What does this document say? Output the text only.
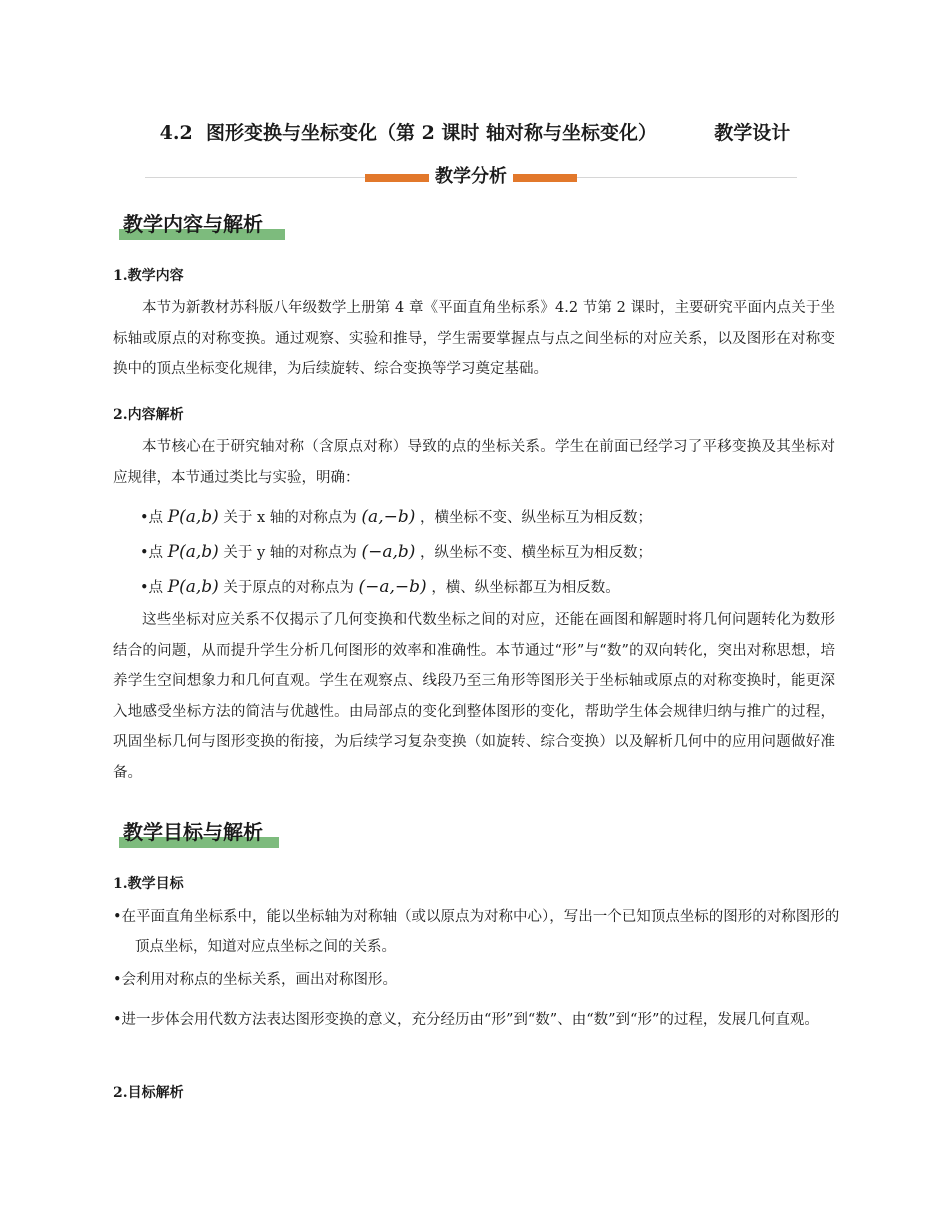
4.2 图形变换与坐标变化（第 2 课时 轴对称与坐标变化）	教学设计
教学分析
教学内容与解析
1.教学内容
本节为新教材苏科版八年级数学上册第 4 章《平面直角坐标系》4.2 节第 2 课时，主要研究平面内点关于坐标轴或原点的对称变换。通过观察、实验和推导，学生需要掌握点与点之间坐标的对应关系，以及图形在对称变换中的顶点坐标变化规律，为后续旋转、综合变换等学习奠定基础。
2.内容解析
本节核心在于研究轴对称（含原点对称）导致的点的坐标关系。学生在前面已经学习了平移变换及其坐标对应规律，本节通过类比与实验，明确：
•点 P(a,b) 关于 x 轴的对称点为 (a,−b) ，横坐标不变、纵坐标互为相反数；
•点 P(a,b) 关于 y 轴的对称点为 (−a,b) ，纵坐标不变、横坐标互为相反数；
•点 P(a,b) 关于原点的对称点为 (−a,−b) ，横、纵坐标都互为相反数。
这些坐标对应关系不仅揭示了几何变换和代数坐标之间的对应，还能在画图和解题时将几何问题转化为数形结合的问题，从而提升学生分析几何图形的效率和准确性。本节通过“形”与“数”的双向转化，突出对称思想，培养学生空间想象力和几何直观。学生在观察点、线段乃至三角形等图形关于坐标轴或原点的对称变换时，能更深入地感受坐标方法的简洁与优越性。由局部点的变化到整体图形的变化，帮助学生体会规律归纳与推广的过程，巩固坐标几何与图形变换的衔接，为后续学习复杂变换（如旋转、综合变换）以及解析几何中的应用问题做好准备。
教学目标与解析
1.教学目标
•在平面直角坐标系中，能以坐标轴为对称轴（或以原点为对称中心），写出一个已知顶点坐标的图形的对称图形的顶点坐标，知道对应点坐标之间的关系。
•会利用对称点的坐标关系，画出对称图形。
•进一步体会用代数方法表达图形变换的意义，充分经历由“形”到“数”、由“数”到“形”的过程，发展几何直观。
2.目标解析
